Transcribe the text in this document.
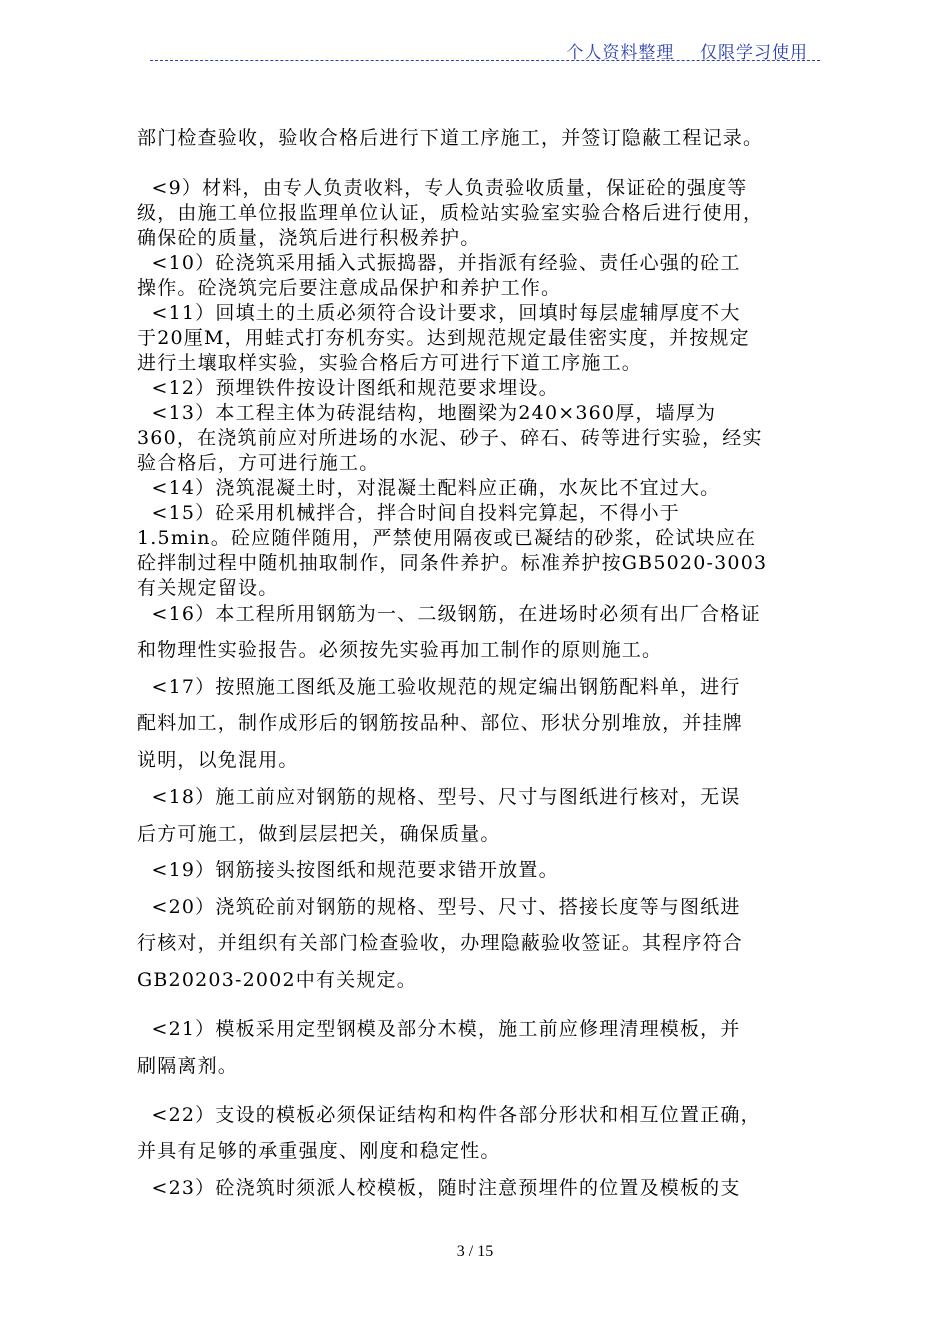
个人资料整理    仅限学习使用
部门检查验收，验收合格后进行下道工序施工，并签订隐蔽工程记录。
<9）材料，由专人负责收料，专人负责验收质量，保证砼的强度等
级，由施工单位报监理单位认证，质检站实验室实验合格后进行使用，
确保砼的质量，浇筑后进行积极养护。
<10）砼浇筑采用插入式振捣器，并指派有经验、责任心强的砼工
操作。砼浇筑完后要注意成品保护和养护工作。
<11）回填土的土质必须符合设计要求，回填时每层虚辅厚度不大
于20厘M，用蛙式打夯机夯实。达到规范规定最佳密实度，并按规定
进行土壤取样实验，实验合格后方可进行下道工序施工。
<12）预埋铁件按设计图纸和规范要求埋设。
<13）本工程主体为砖混结构，地圈梁为240×360厚，墙厚为
360，在浇筑前应对所进场的水泥、砂子、碎石、砖等进行实验，经实
验合格后，方可进行施工。
<14）浇筑混凝土时，对混凝土配料应正确，水灰比不宜过大。
<15）砼采用机械拌合，拌合时间自投料完算起，不得小于
1.5min。砼应随伴随用，严禁使用隔夜或已凝结的砂浆，砼试块应在
砼拌制过程中随机抽取制作，同条件养护。标准养护按GB5020-3003
有关规定留设。
<16）本工程所用钢筋为一、二级钢筋，在进场时必须有出厂合格证
和物理性实验报告。必须按先实验再加工制作的原则施工。
<17）按照施工图纸及施工验收规范的规定编出钢筋配料单，进行
配料加工，制作成形后的钢筋按品种、部位、形状分别堆放，并挂牌
说明，以免混用。
<18）施工前应对钢筋的规格、型号、尺寸与图纸进行核对，无误
后方可施工，做到层层把关，确保质量。
<19）钢筋接头按图纸和规范要求错开放置。
<20）浇筑砼前对钢筋的规格、型号、尺寸、搭接长度等与图纸进
行核对，并组织有关部门检查验收，办理隐蔽验收签证。其程序符合
GB20203-2002中有关规定。
<21）模板采用定型钢模及部分木模，施工前应修理清理模板，并
刷隔离剂。
<22）支设的模板必须保证结构和构件各部分形状和相互位置正确，
并具有足够的承重强度、刚度和稳定性。
<23）砼浇筑时须派人校模板，随时注意预埋件的位置及模板的支
3 / 15
